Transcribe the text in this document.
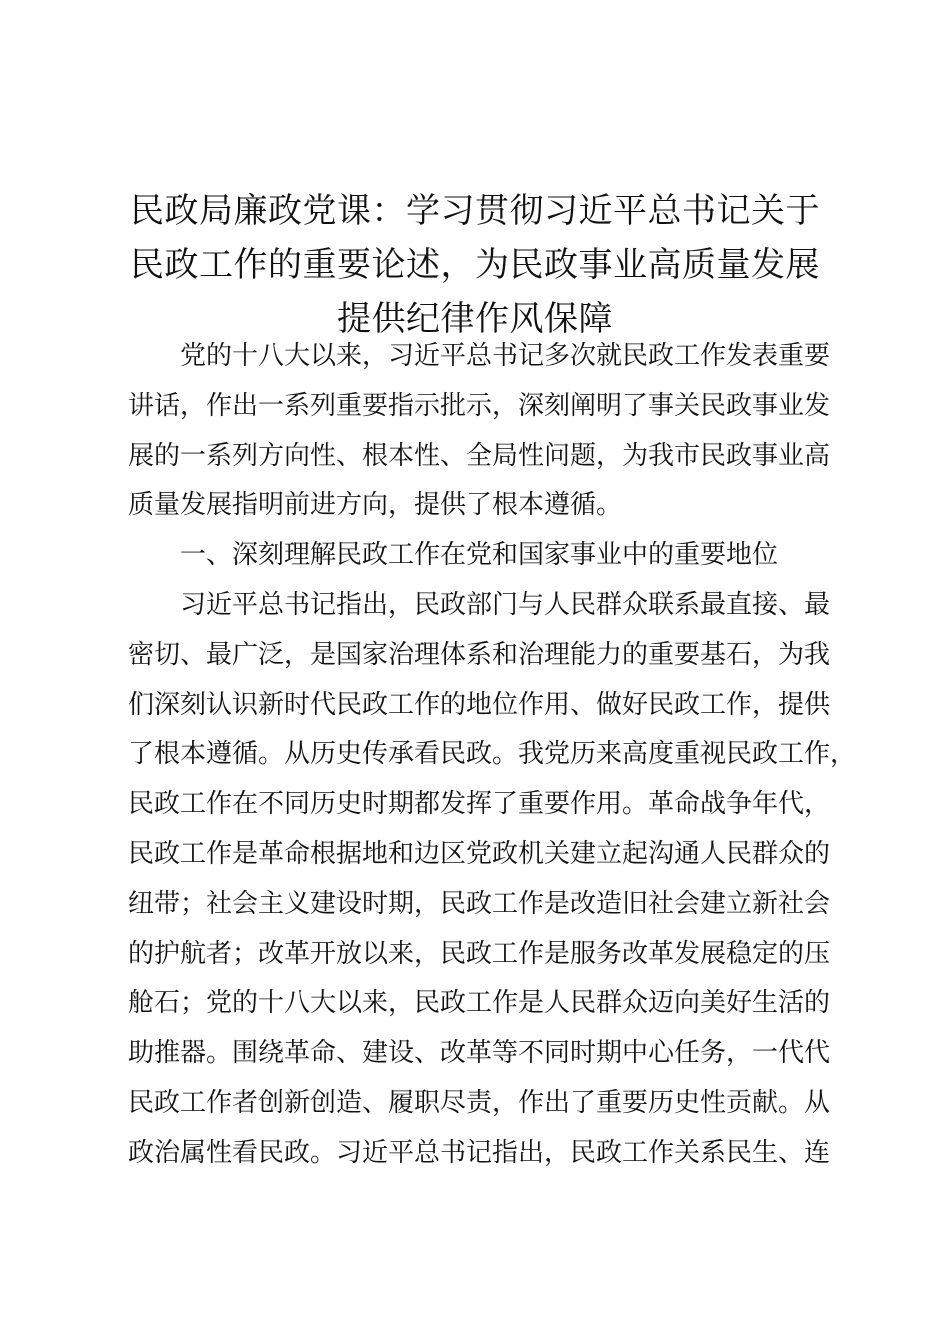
民政局廉政党课：学习贯彻习近平总书记关于
民政工作的重要论述，为民政事业高质量发展
提供纪律作风保障
党的十八大以来，习近平总书记多次就民政工作发表重要
讲话，作出一系列重要指示批示，深刻阐明了事关民政事业发
展的一系列方向性、根本性、全局性问题，为我市民政事业高
质量发展指明前进方向，提供了根本遵循。
一、深刻理解民政工作在党和国家事业中的重要地位
习近平总书记指出，民政部门与人民群众联系最直接、最
密切、最广泛，是国家治理体系和治理能力的重要基石，为我
们深刻认识新时代民政工作的地位作用、做好民政工作，提供
了根本遵循。从历史传承看民政。我党历来高度重视民政工作，
民政工作在不同历史时期都发挥了重要作用。革命战争年代，
民政工作是革命根据地和边区党政机关建立起沟通人民群众的
纽带；社会主义建设时期，民政工作是改造旧社会建立新社会
的护航者；改革开放以来，民政工作是服务改革发展稳定的压
舱石；党的十八大以来，民政工作是人民群众迈向美好生活的
助推器。围绕革命、建设、改革等不同时期中心任务，一代代
民政工作者创新创造、履职尽责，作出了重要历史性贡献。从
政治属性看民政。习近平总书记指出，民政工作关系民生、连
